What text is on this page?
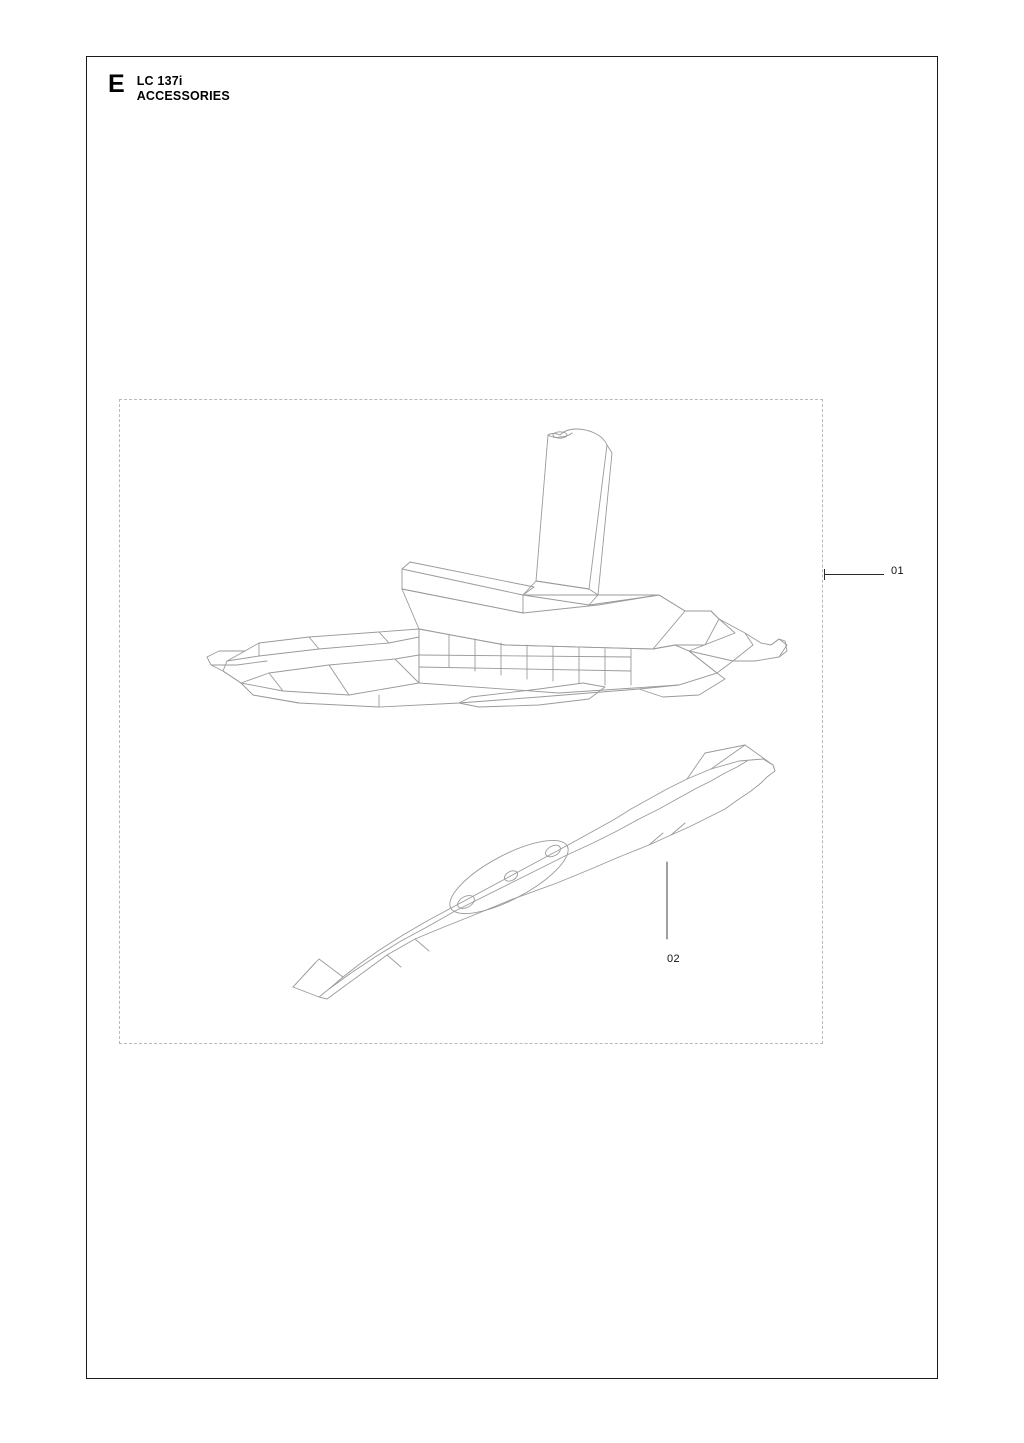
E LC 137i
ACCESSORIES
01
02
